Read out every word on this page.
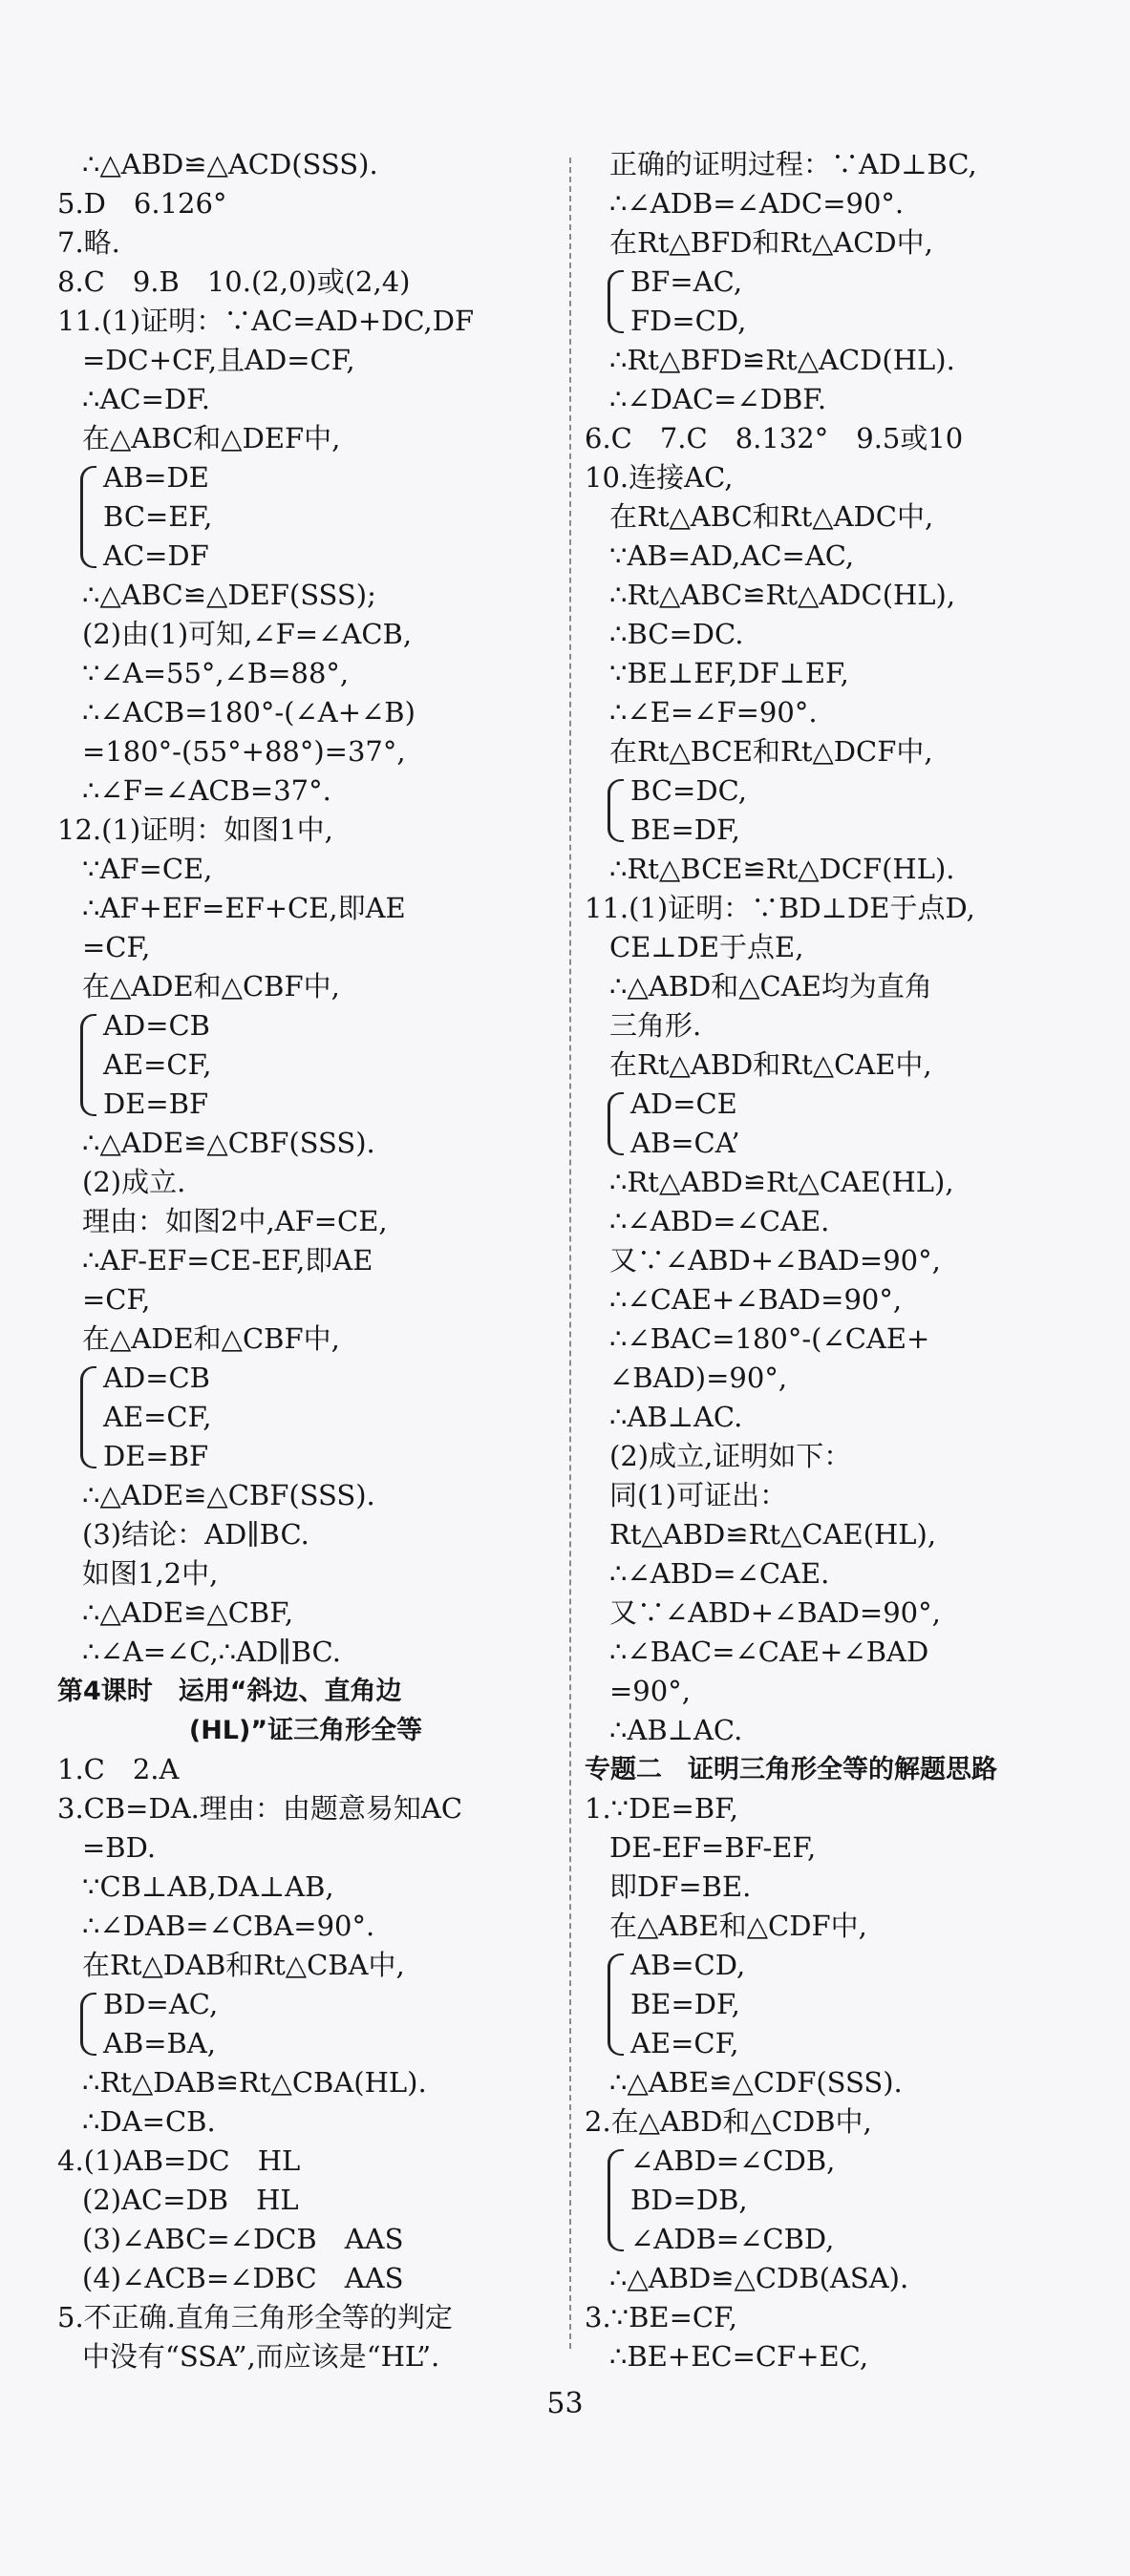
∴△ABD≌△ACD(SSS).
5.D　6.126°
7.略.
8.C　9.B　10.(2,0)或(2,4)
11.(1)证明：∵AC=AD+DC,DF
=DC+CF,且AD=CF,
∴AC=DF.
在△ABC和△DEF中,
AB=DE
BC=EF,
AC=DF
∴△ABC≌△DEF(SSS);
(2)由(1)可知,∠F=∠ACB,
∵∠A=55°,∠B=88°,
∴∠ACB=180°-(∠A+∠B)
=180°-(55°+88°)=37°,
∴∠F=∠ACB=37°.
12.(1)证明：如图1中,
∵AF=CE,
∴AF+EF=EF+CE,即AE
=CF,
在△ADE和△CBF中,
AD=CB
AE=CF,
DE=BF
∴△ADE≌△CBF(SSS).
(2)成立.
理由：如图2中,AF=CE,
∴AF-EF=CE-EF,即AE
=CF,
在△ADE和△CBF中,
AD=CB
AE=CF,
DE=BF
∴△ADE≌△CBF(SSS).
(3)结论：AD∥BC.
如图1,2中,
∴△ADE≌△CBF,
∴∠A=∠C,∴AD∥BC.
第4课时　运用“斜边、直角边
(HL)”证三角形全等
1.C　2.A
3.CB=DA.理由：由题意易知AC
=BD.
∵CB⊥AB,DA⊥AB,
∴∠DAB=∠CBA=90°.
在Rt△DAB和Rt△CBA中,
BD=AC,
AB=BA,
∴Rt△DAB≌Rt△CBA(HL).
∴DA=CB.
4.(1)AB=DC　HL
(2)AC=DB　HL
(3)∠ABC=∠DCB　AAS
(4)∠ACB=∠DBC　AAS
5.不正确.直角三角形全等的判定
中没有“SSA”,而应该是“HL”.
正确的证明过程：∵AD⊥BC,
∴∠ADB=∠ADC=90°.
在Rt△BFD和Rt△ACD中,
BF=AC,
FD=CD,
∴Rt△BFD≌Rt△ACD(HL).
∴∠DAC=∠DBF.
6.C　7.C　8.132°　9.5或10
10.连接AC,
在Rt△ABC和Rt△ADC中,
∵AB=AD,AC=AC,
∴Rt△ABC≌Rt△ADC(HL),
∴BC=DC.
∵BE⊥EF,DF⊥EF,
∴∠E=∠F=90°.
在Rt△BCE和Rt△DCF中,
BC=DC,
BE=DF,
∴Rt△BCE≌Rt△DCF(HL).
11.(1)证明：∵BD⊥DE于点D,
CE⊥DE于点E,
∴△ABD和△CAE均为直角
三角形.
在Rt△ABD和Rt△CAE中,
AD=CE
AB=CA’
∴Rt△ABD≌Rt△CAE(HL),
∴∠ABD=∠CAE.
又∵∠ABD+∠BAD=90°,
∴∠CAE+∠BAD=90°,
∴∠BAC=180°-(∠CAE+
∠BAD)=90°,
∴AB⊥AC.
(2)成立,证明如下：
同(1)可证出：
Rt△ABD≌Rt△CAE(HL),
∴∠ABD=∠CAE.
又∵∠ABD+∠BAD=90°,
∴∠BAC=∠CAE+∠BAD
=90°,
∴AB⊥AC.
专题二　证明三角形全等的解题思路
1.∵DE=BF,
DE-EF=BF-EF,
即DF=BE.
在△ABE和△CDF中,
AB=CD,
BE=DF,
AE=CF,
∴△ABE≌△CDF(SSS).
2.在△ABD和△CDB中,
∠ABD=∠CDB,
BD=DB,
∠ADB=∠CBD,
∴△ABD≌△CDB(ASA).
3.∵BE=CF,
∴BE+EC=CF+EC,
53
